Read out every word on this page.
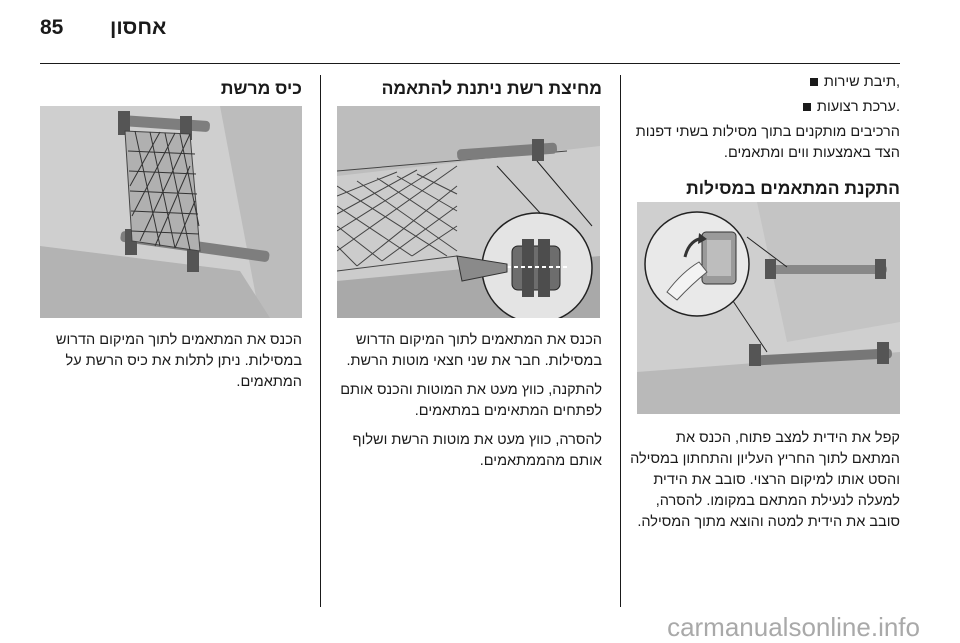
85 אחסון
,תיבת שירות
.ערכת רצועות

הרכיבים מותקנים בתוך מסילות בשתי דפנות הצד באמצעות ווים ומתאמים.

התקנת המתאמים במסילות

קפל את הידית למצב פתוח, הכנס את המתאם לתוך החריץ העליון והתחתון במסילה והסט אותו למיקום הרצוי. סובב את הידית למעלה לנעילת המתאם במקומו. להסרה, סובב את הידית למטה והוצא מתוך המסילה.

מחיצת רשת ניתנת להתאמה

הכנס את המתאמים לתוך המיקום הדרוש במסילות. חבר את שני חצאי מוטות הרשת.

להתקנה, כווץ מעט את המוטות והכנס אותם לפתחים המתאימים במתאמים.

להסרה, כווץ מעט את מוטות הרשת ושלוף אותם מהממתאמים.

כיס מרשת

הכנס את המתאמים לתוך המיקום הדרוש במסילות. ניתן לתלות את כיס הרשת על המתאמים.

carmanualsonline.info
